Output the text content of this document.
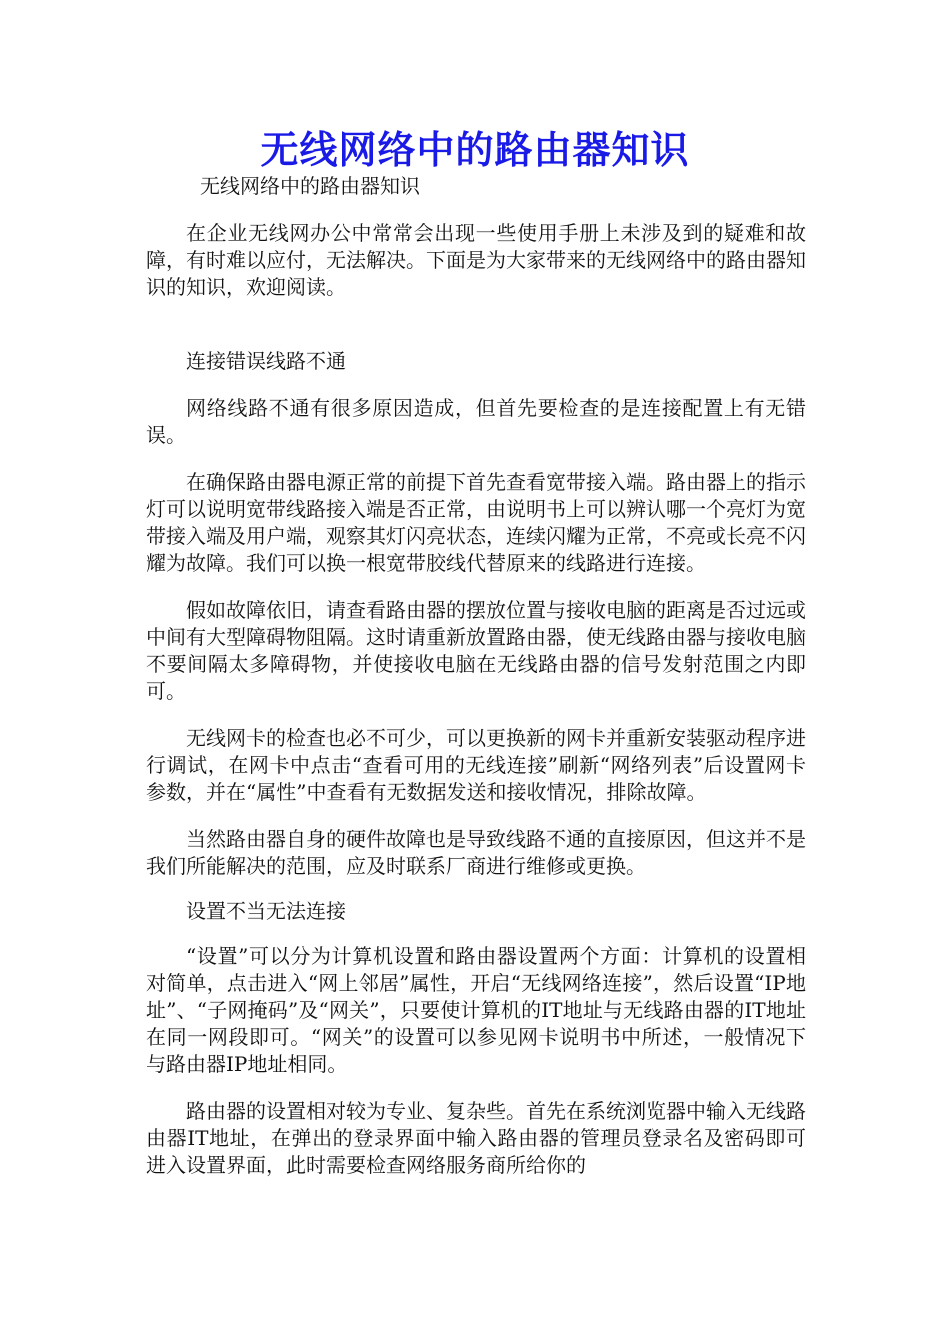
无线网络中的路由器知识
无线网络中的路由器知识

在企业无线网办公中常常会出现一些使用手册上未涉及到的疑难和故障，有时难以应付，无法解决。下面是为大家带来的无线网络中的路由器知识的知识，欢迎阅读。

连接错误线路不通

网络线路不通有很多原因造成，但首先要检查的是连接配置上有无错误。

在确保路由器电源正常的前提下首先查看宽带接入端。路由器上的指示灯可以说明宽带线路接入端是否正常，由说明书上可以辨认哪一个亮灯为宽带接入端及用户端，观察其灯闪亮状态，连续闪耀为正常，不亮或长亮不闪耀为故障。我们可以换一根宽带胶线代替原来的线路进行连接。

假如故障依旧，请查看路由器的摆放位置与接收电脑的距离是否过远或中间有大型障碍物阻隔。这时请重新放置路由器，使无线路由器与接收电脑不要间隔太多障碍物，并使接收电脑在无线路由器的信号发射范围之内即可。

无线网卡的检查也必不可少，可以更换新的网卡并重新安装驱动程序进行调试，在网卡中点击“查看可用的无线连接”刷新“网络列表”后设置网卡参数，并在“属性”中查看有无数据发送和接收情况，排除故障。

当然路由器自身的硬件故障也是导致线路不通的直接原因，但这并不是我们所能解决的范围，应及时联系厂商进行维修或更换。

设置不当无法连接

“设置”可以分为计算机设置和路由器设置两个方面：计算机的设置相对简单，点击进入“网上邻居”属性，开启“无线网络连接”，然后设置“IP地址”、“子网掩码”及“网关”，只要使计算机的IT地址与无线路由器的IT地址在同一网段即可。“网关”的设置可以参见网卡说明书中所述，一般情况下与路由器IP地址相同。

路由器的设置相对较为专业、复杂些。首先在系统浏览器中输入无线路由器IT地址，在弹出的登录界面中输入路由器的管理员登录名及密码即可进入设置界面，此时需要检查网络服务商所给你的
